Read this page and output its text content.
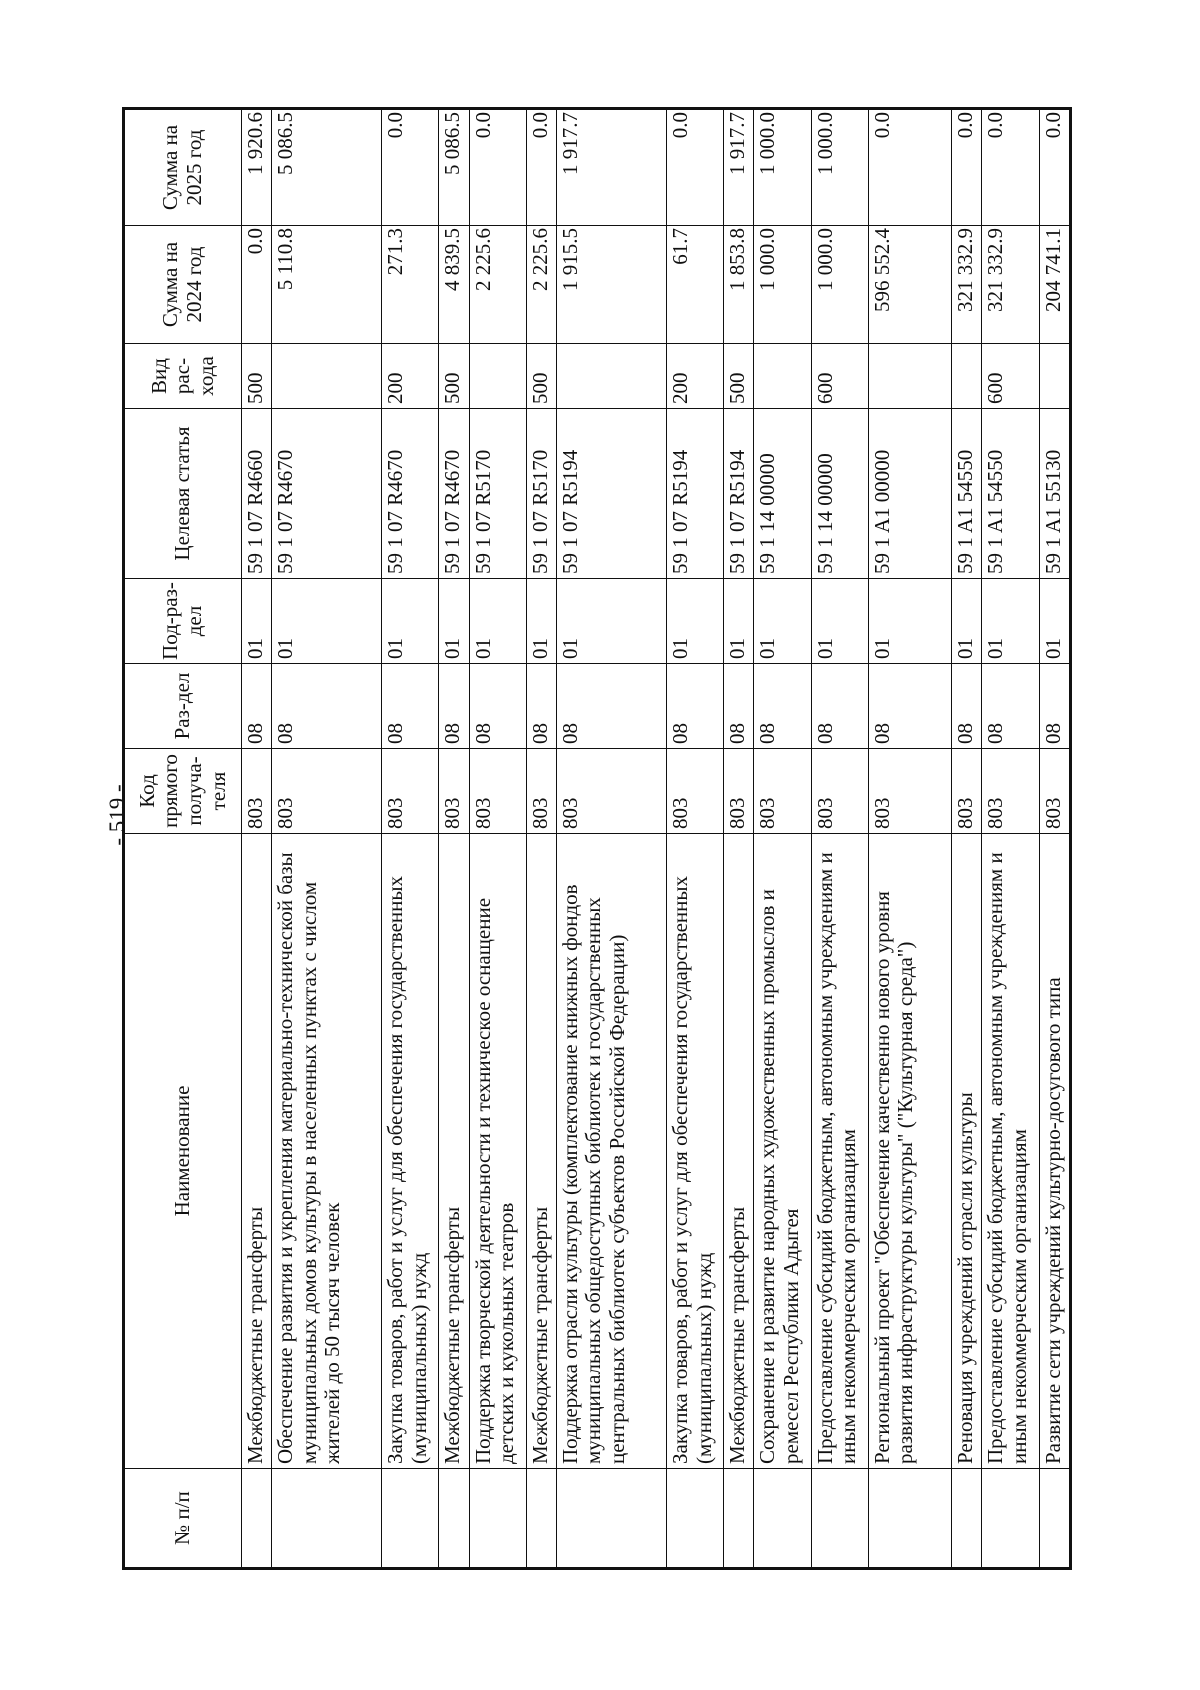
- 519 -
№ п/п	Наименование	Код прямого получа-теля	Раз-дел	Под-раз-дел	Целевая статья	Вид рас-хода	Сумма на 2024 год	Сумма на 2025 год
	Межбюджетные трансферты	803	08	01	59 1 07 R4660	500	0.0	1 920.6
	Обеспечение развития и укрепления материально-технической базы муниципальных домов культуры в населенных пунктах с числом жителей до 50 тысяч человек	803	08	01	59 1 07 R4670		5 110.8	5 086.5
	Закупка товаров, работ и услуг для обеспечения государственных (муниципальных) нужд	803	08	01	59 1 07 R4670	200	271.3	0.0
	Межбюджетные трансферты	803	08	01	59 1 07 R4670	500	4 839.5	5 086.5
	Поддержка творческой деятельности и техническое оснащение детских и кукольных театров	803	08	01	59 1 07 R5170		2 225.6	0.0
	Межбюджетные трансферты	803	08	01	59 1 07 R5170	500	2 225.6	0.0
	Поддержка отрасли культуры (комплектование книжных фондов муниципальных общедоступных библиотек и государственных центральных библиотек субъектов Российской Федерации)	803	08	01	59 1 07 R5194		1 915.5	1 917.7
	Закупка товаров, работ и услуг для обеспечения государственных (муниципальных) нужд	803	08	01	59 1 07 R5194	200	61.7	0.0
	Межбюджетные трансферты	803	08	01	59 1 07 R5194	500	1 853.8	1 917.7
	Сохранение и развитие народных художественных промыслов и ремесел Республики Адыгея	803	08	01	59 1 14 00000		1 000.0	1 000.0
	Предоставление субсидий бюджетным, автономным учреждениям и иным некоммерческим организациям	803	08	01	59 1 14 00000	600	1 000.0	1 000.0
	Региональный проект "Обеспечение качественно нового уровня развития инфраструктуры культуры" ("Культурная среда")	803	08	01	59 1 A1 00000		596 552.4	0.0
	Реновация учреждений отрасли культуры	803	08	01	59 1 A1 54550		321 332.9	0.0
	Предоставление субсидий бюджетным, автономным учреждениям и иным некоммерческим организациям	803	08	01	59 1 A1 54550	600	321 332.9	0.0
	Развитие сети учреждений культурно-досугового типа	803	08	01	59 1 A1 55130		204 741.1	0.0
